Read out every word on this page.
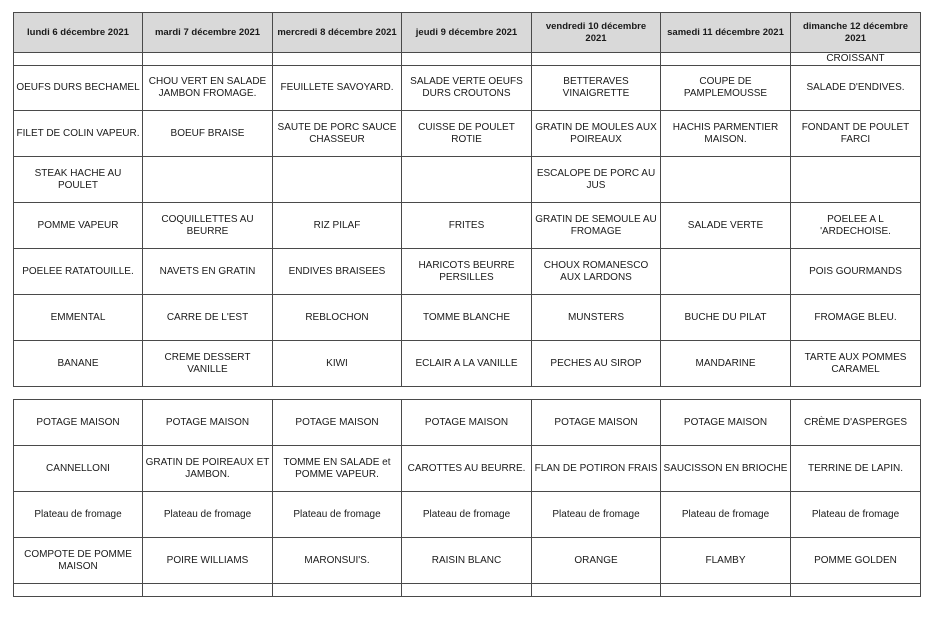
lundi 6 décembre 2021	mardi 7 décembre 2021	mercredi 8 décembre 2021	jeudi 9 décembre 2021	vendredi 10 décembre 2021	samedi 11 décembre 2021	dimanche 12 décembre 2021
						CROISSANT
OEUFS DURS BECHAMEL	CHOU VERT EN SALADE JAMBON FROMAGE.	FEUILLETE SAVOYARD.	SALADE VERTE OEUFS DURS CROUTONS	BETTERAVES VINAIGRETTE	COUPE DE PAMPLEMOUSSE	SALADE D'ENDIVES.
FILET DE COLIN VAPEUR.	BOEUF BRAISE	SAUTE DE PORC SAUCE CHASSEUR	CUISSE DE POULET ROTIE	GRATIN DE MOULES AUX POIREAUX	HACHIS PARMENTIER MAISON.	FONDANT DE POULET FARCI
STEAK HACHE AU POULET				ESCALOPE DE PORC AU JUS		
POMME VAPEUR	COQUILLETTES AU BEURRE	RIZ PILAF	FRITES	GRATIN DE SEMOULE AU FROMAGE	SALADE VERTE	POELEE A L 'ARDECHOISE.
POELEE RATATOUILLE.	NAVETS EN GRATIN	ENDIVES BRAISEES	HARICOTS BEURRE PERSILLES	CHOUX ROMANESCO AUX LARDONS		POIS GOURMANDS
EMMENTAL	CARRE DE L'EST	REBLOCHON	TOMME BLANCHE	MUNSTERS	BUCHE DU PILAT	FROMAGE BLEU.
BANANE	CREME DESSERT VANILLE	KIWI	ECLAIR A LA VANILLE	PECHES AU SIROP	MANDARINE	TARTE AUX POMMES CARAMEL
POTAGE MAISON	POTAGE MAISON	POTAGE MAISON	POTAGE MAISON	POTAGE MAISON	POTAGE MAISON	CRÈME D'ASPERGES
CANNELLONI	GRATIN DE POIREAUX ET JAMBON.	TOMME EN SALADE et POMME VAPEUR.	CAROTTES AU BEURRE.	FLAN DE POTIRON FRAIS	SAUCISSON EN BRIOCHE	TERRINE DE LAPIN.
Plateau de fromage	Plateau de fromage	Plateau de fromage	Plateau de fromage	Plateau de fromage	Plateau de fromage	Plateau de fromage
COMPOTE DE POMME MAISON	POIRE WILLIAMS	MARONSUI'S.	RAISIN BLANC	ORANGE	FLAMBY	POMME GOLDEN
